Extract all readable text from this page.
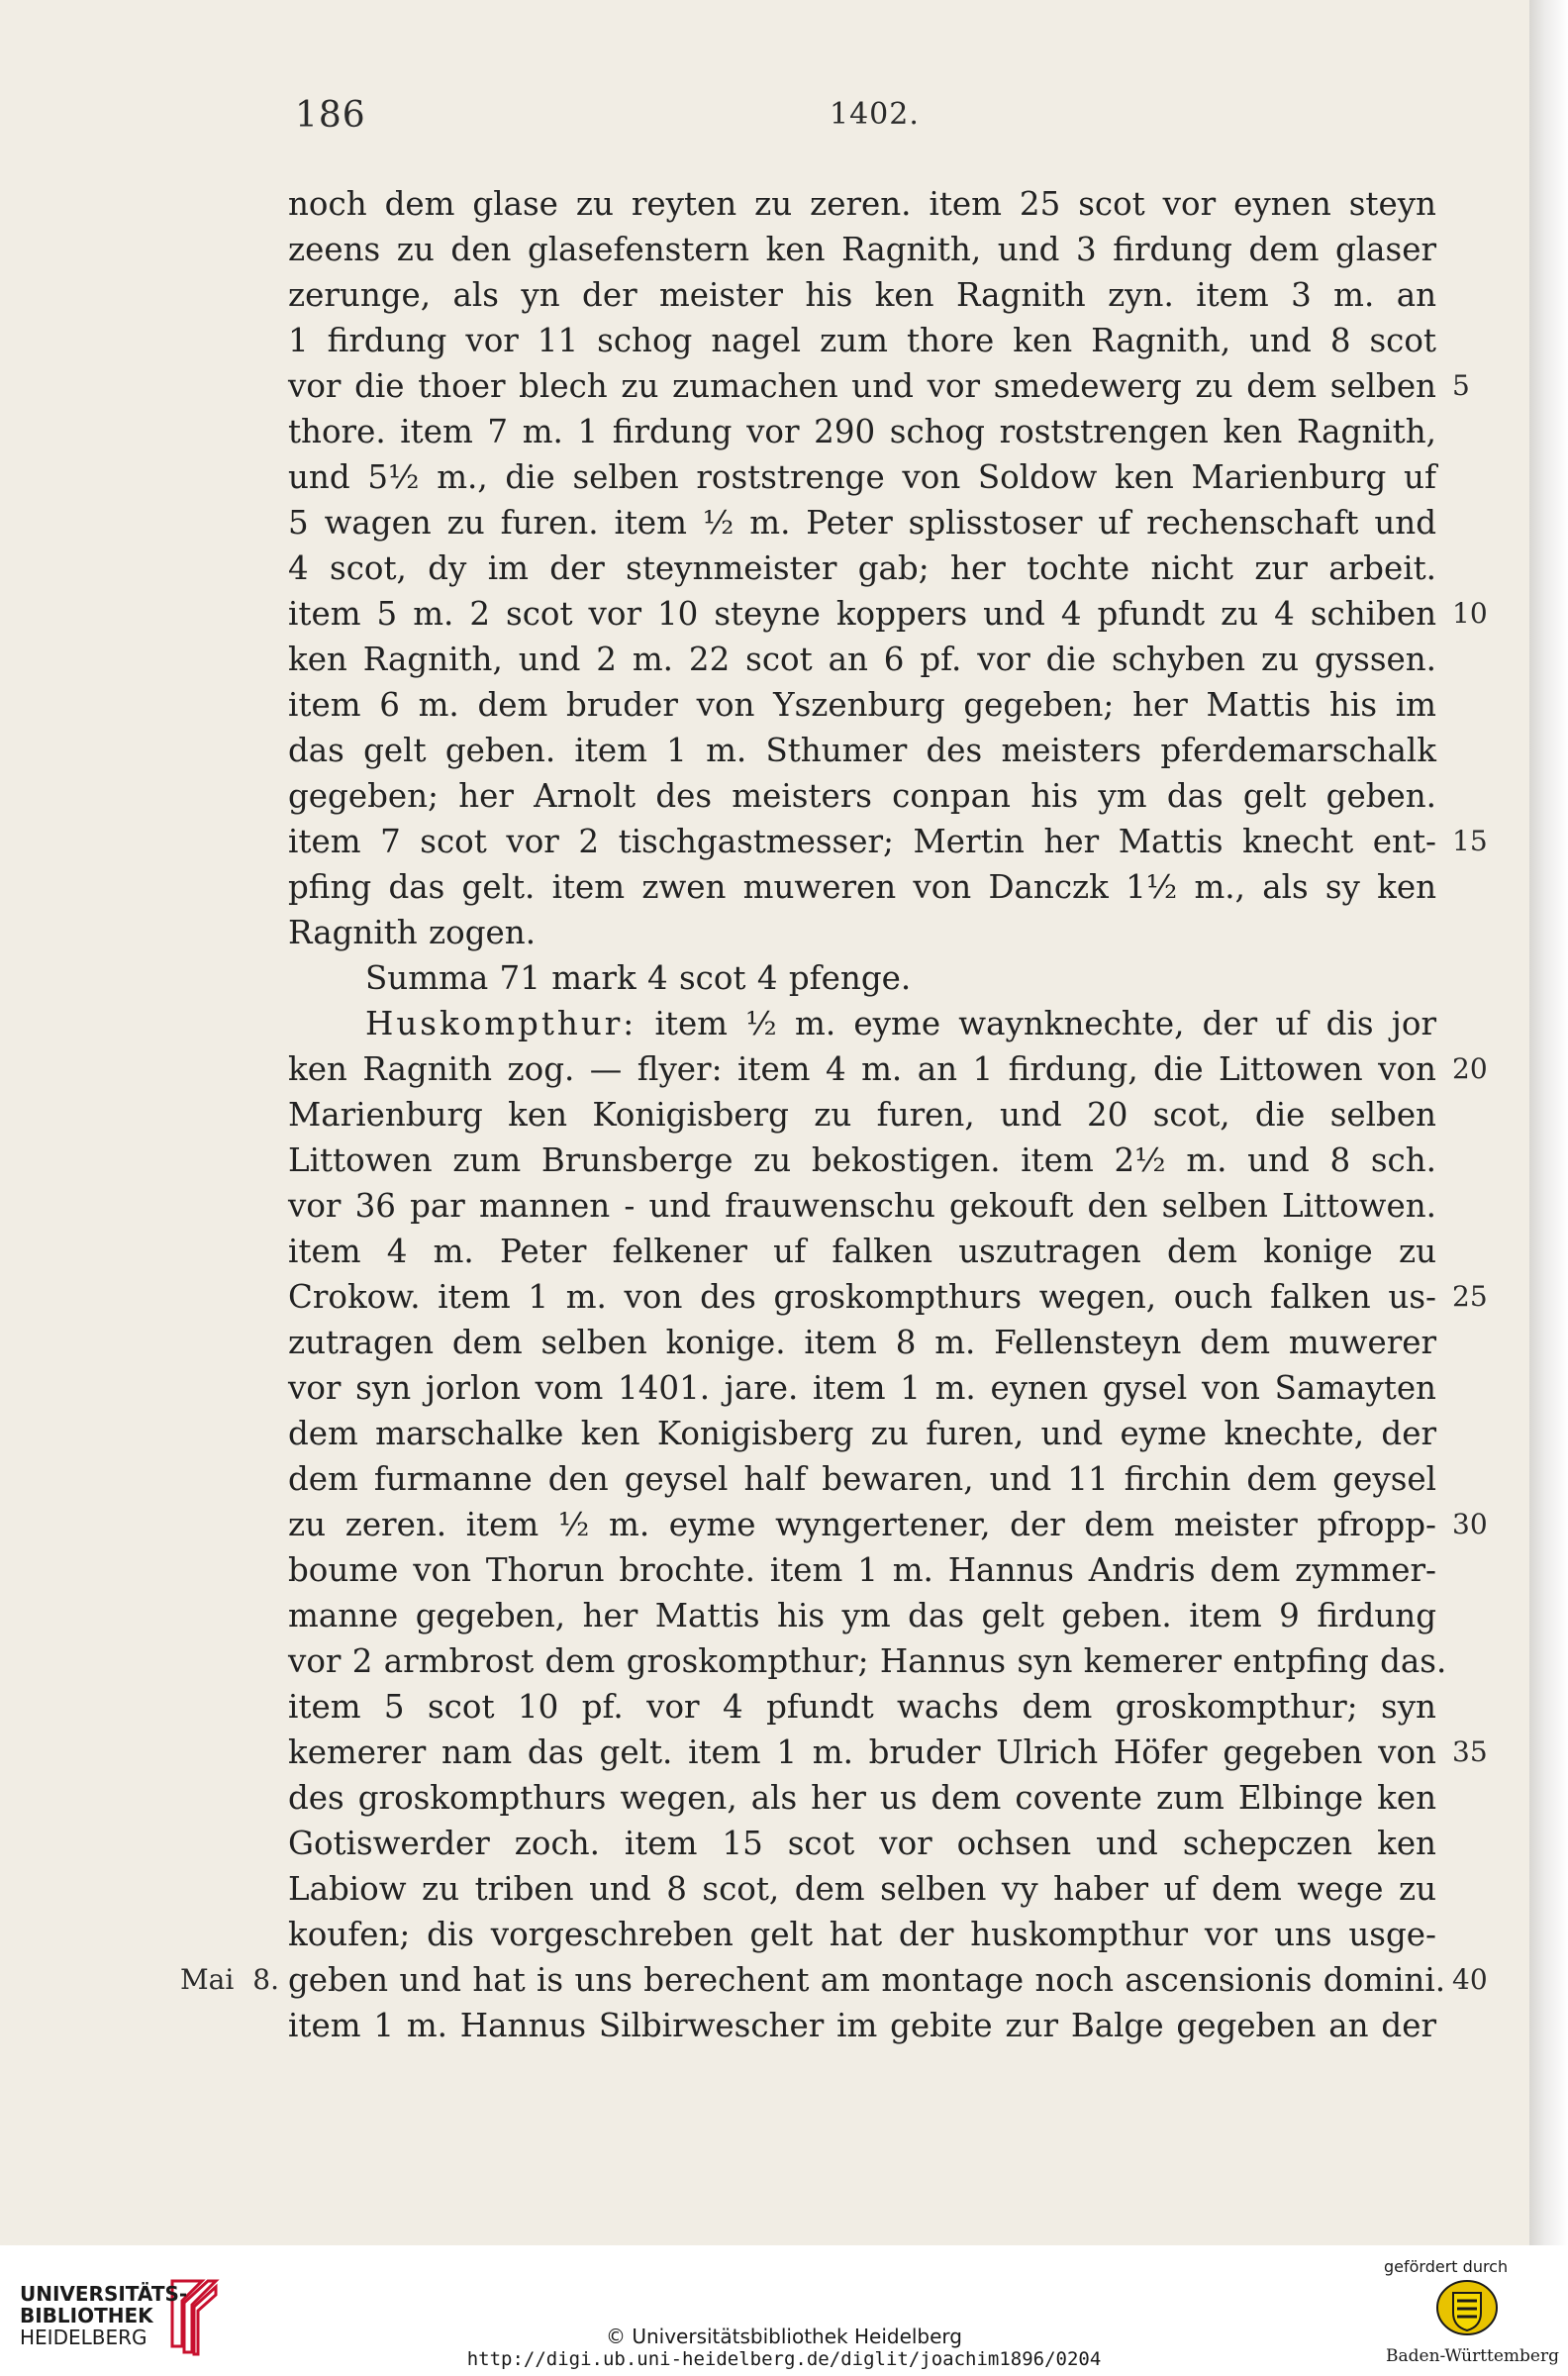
186	1402.
noch dem glase zu reyten zu zeren. item 25 scot vor eynen steyn
zeens zu den glasefenstern ken Ragnith, und 3 firdung dem glaser
zerunge, als yn der meister his ken Ragnith zyn. item 3 m. an
1 firdung vor 11 schog nagel zum thore ken Ragnith, und 8 scot
vor die thoer blech zu zumachen und vor smedewerg zu dem selben 5
thore. item 7 m. 1 firdung vor 290 schog roststrengen ken Ragnith,
und 5½ m., die selben roststrenge von Soldow ken Marienburg uf
5 wagen zu furen. item ½ m. Peter splisstoser uf rechenschaft und
4 scot, dy im der steynmeister gab; her tochte nicht zur arbeit.
item 5 m. 2 scot vor 10 steyne koppers und 4 pfundt zu 4 schiben 10
ken Ragnith, und 2 m. 22 scot an 6 pf. vor die schyben zu gyssen.
item 6 m. dem bruder von Yszenburg gegeben; her Mattis his im
das gelt geben. item 1 m. Sthumer des meisters pferdemarschalk
gegeben; her Arnolt des meisters conpan his ym das gelt geben.
item 7 scot vor 2 tischgastmesser; Mertin her Mattis knecht ent- 15
pfing das gelt. item zwen muweren von Danczk 1½ m., als sy ken
Ragnith zogen.
Summa 71 mark 4 scot 4 pfenge.
Huskompthur: item ½ m. eyme waynknechte, der uf dis jor
ken Ragnith zog. — flyer: item 4 m. an 1 firdung, die Littowen von 20
Marienburg ken Konigisberg zu furen, und 20 scot, die selben
Littowen zum Brunsberge zu bekostigen. item 2½ m. und 8 sch.
vor 36 par mannen - und frauwenschu gekouft den selben Littowen.
item 4 m. Peter felkener uf falken uszutragen dem konige zu
Crokow. item 1 m. von des groskompthurs wegen, ouch falken us- 25
zutragen dem selben konige. item 8 m. Fellensteyn dem muwerer
vor syn jorlon vom 1401. jare. item 1 m. eynen gysel von Samayten
dem marschalke ken Konigisberg zu furen, und eyme knechte, der
dem furmanne den geysel half bewaren, und 11 firchin dem geysel
zu zeren. item ½ m. eyme wyngertener, der dem meister pfropp- 30
boume von Thorun brochte. item 1 m. Hannus Andris dem zymmer-
manne gegeben, her Mattis his ym das gelt geben. item 9 firdung
vor 2 armbrost dem groskompthur; Hannus syn kemerer entpfing das.
item 5 scot 10 pf. vor 4 pfundt wachs dem groskompthur; syn
kemerer nam das gelt. item 1 m. bruder Ulrich Höfer gegeben von 35
des groskompthurs wegen, als her us dem covente zum Elbinge ken
Gotiswerder zoch. item 15 scot vor ochsen und schepczen ken
Labiow zu triben und 8 scot, dem selben vy haber uf dem wege zu
koufen; dis vorgeschreben gelt hat der huskompthur vor uns usge-
geben und hat is uns berechent am montage noch ascensionis domini. 40
Mai 8.
item 1 m. Hannus Silbirwescher im gebite zur Balge gegeben an der
UNIVERSITÄTS-
BIBLIOTHEK
HEIDELBERG	© Universitätsbibliothek Heidelberg
http://digi.ub.uni-heidelberg.de/diglit/joachim1896/0204
gefördert durch
Baden-Württemberg
